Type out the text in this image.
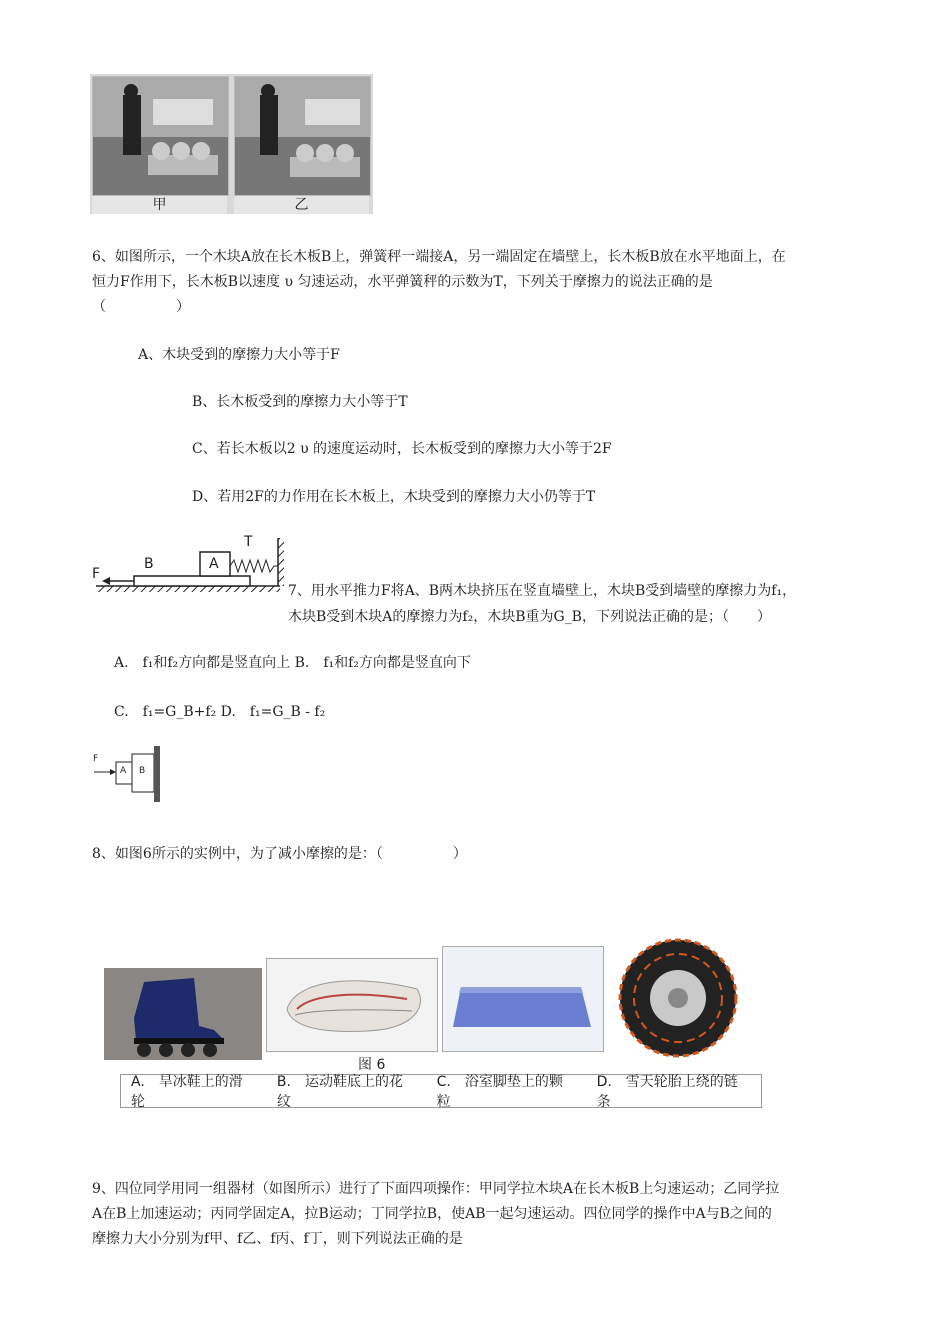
甲	乙
6、如图所示，一个木块A放在长木板B上，弹簧秤一端接A，另一端固定在墙壁上，长木板B放在水平地面上，在
恒力F作用下，长木板B以速度 υ 匀速运动，水平弹簧秤的示数为T，下列关于摩擦力的说法正确的是
（　　　　　）
A、木块受到的摩擦力大小等于F
B、长木板受到的摩擦力大小等于T
C、若长木板以2 υ 的速度运动时，长木板受到的摩擦力大小等于2F
D、若用2F的力作用在长木板上，木块受到的摩擦力大小仍等于T
F
B	A
T
7、用水平推力F将A、B两木块挤压在竖直墙壁上，木块B受到墙壁的摩擦力为f₁，
木块B受到木块A的摩擦力为f₂，木块B重为G_B，下列说法正确的是；（　　）
A.　f₁和f₂方向都是竖直向上 B.　f₁和f₂方向都是竖直向下
C.　f₁=G_B+f₂ D.　f₁=G_B - f₂
F
A B
8、如图6所示的实例中，为了减小摩擦的是：（　　　　　）
图 6
A.　旱冰鞋上的滑轮
B.　运动鞋底上的花纹
C.　浴室脚垫上的颗粒
D.　雪天轮胎上绕的链条
9、四位同学用同一组器材（如图所示）进行了下面四项操作：甲同学拉木块A在长木板B上匀速运动；乙同学拉
A在B上加速运动；丙同学固定A，拉B运动；丁同学拉B，使AB一起匀速运动。四位同学的操作中A与B之间的
摩擦力大小分别为f甲、f乙、f丙、f丁，则下列说法正确的是
